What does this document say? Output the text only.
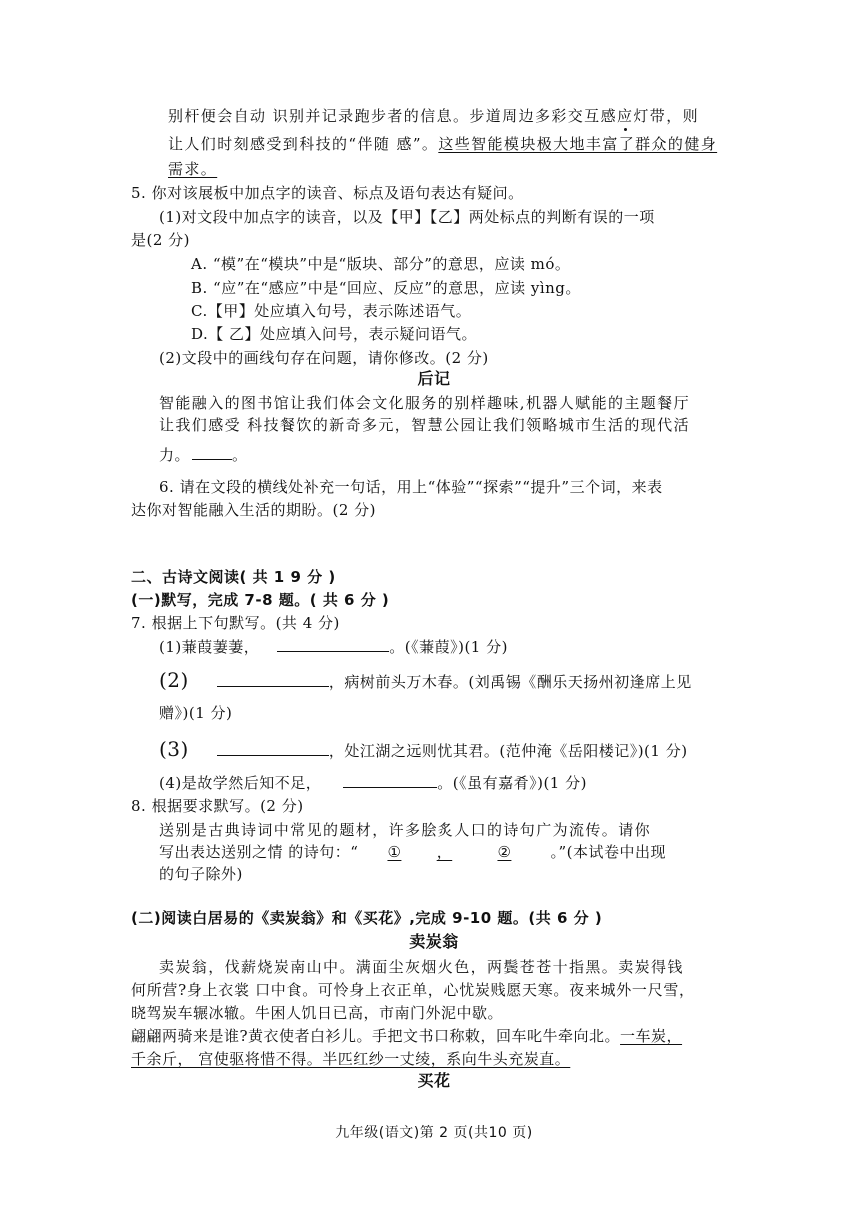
别杆便会自动 识别并记录跑步者的信息。步道周边多彩交互感应灯带，则
让人们时刻感受到科技的“伴随 感”。这些智能模块极大地丰富了群众的健身
需求。
5. 你对该展板中加点字的读音、标点及语句表达有疑问。
(1)对文段中加点字的读音，以及【甲】【乙】两处标点的判断有误的一项
是(2 分)
A. “模”在“模块”中是“版块、部分”的意思，应读 mó。
B. “应”在“感应”中是“回应、反应”的意思，应读 yìng。
C.【甲】处应填入句号，表示陈述语气。
D.【 乙】处应填入问号，表示疑问语气。
(2)文段中的画线句存在问题，请你修改。(2 分)
后记
智能融入的图书馆让我们体会文化服务的别样趣味,机器人赋能的主题餐厅
让我们感受 科技餐饮的新奇多元，智慧公园让我们领略城市生活的现代活
力。	。
6. 请在文段的横线处补充一句话，用上“体验”“探索”“提升”三个词，来表
达你对智能融入生活的期盼。(2 分)
二、古诗文阅读( 共 1 9 分 )
(一)默写，完成 7-8 题。( 共 6 分 )
7. 根据上下句默写。(共 4 分)
(1)蒹葭萋萋，	。(《蒹葭》)(1 分)
(2)	，病树前头万木春。(刘禹锡《酬乐天扬州初逢席上见
赠》)(1 分)
(3)	，处江湖之远则忧其君。(范仲淹《岳阳楼记》)(1 分)
(4)是故学然后知不足，	。(《虽有嘉肴》)(1 分)
8. 根据要求默写。(2 分)
送别是古典诗词中常见的题材，许多脍炙人口的诗句广为流传。请你
写出表达送别之情 的诗句：“ ① ，	②	。”(本试卷中出现
的句子除外)
(二)阅读白居易的《卖炭翁》和《买花》,完成 9-10 题。(共 6 分 )
卖炭翁
卖炭翁，伐薪烧炭南山中。满面尘灰烟火色，两鬓苍苍十指黑。卖炭得钱
何所营?身上衣裳 口中食。可怜身上衣正单，心忧炭贱愿天寒。夜来城外一尺雪，
晓驾炭车辗冰辙。牛困人饥日已高，市南门外泥中歇。
翩翩两骑来是谁?黄衣使者白衫儿。手把文书口称敕，回车叱牛牵向北。一车炭，
千余斤， 宫使驱将惜不得。半匹红纱一丈绫，系向牛头充炭直。
买花
九年级(语文)第 2 页(共10 页)
